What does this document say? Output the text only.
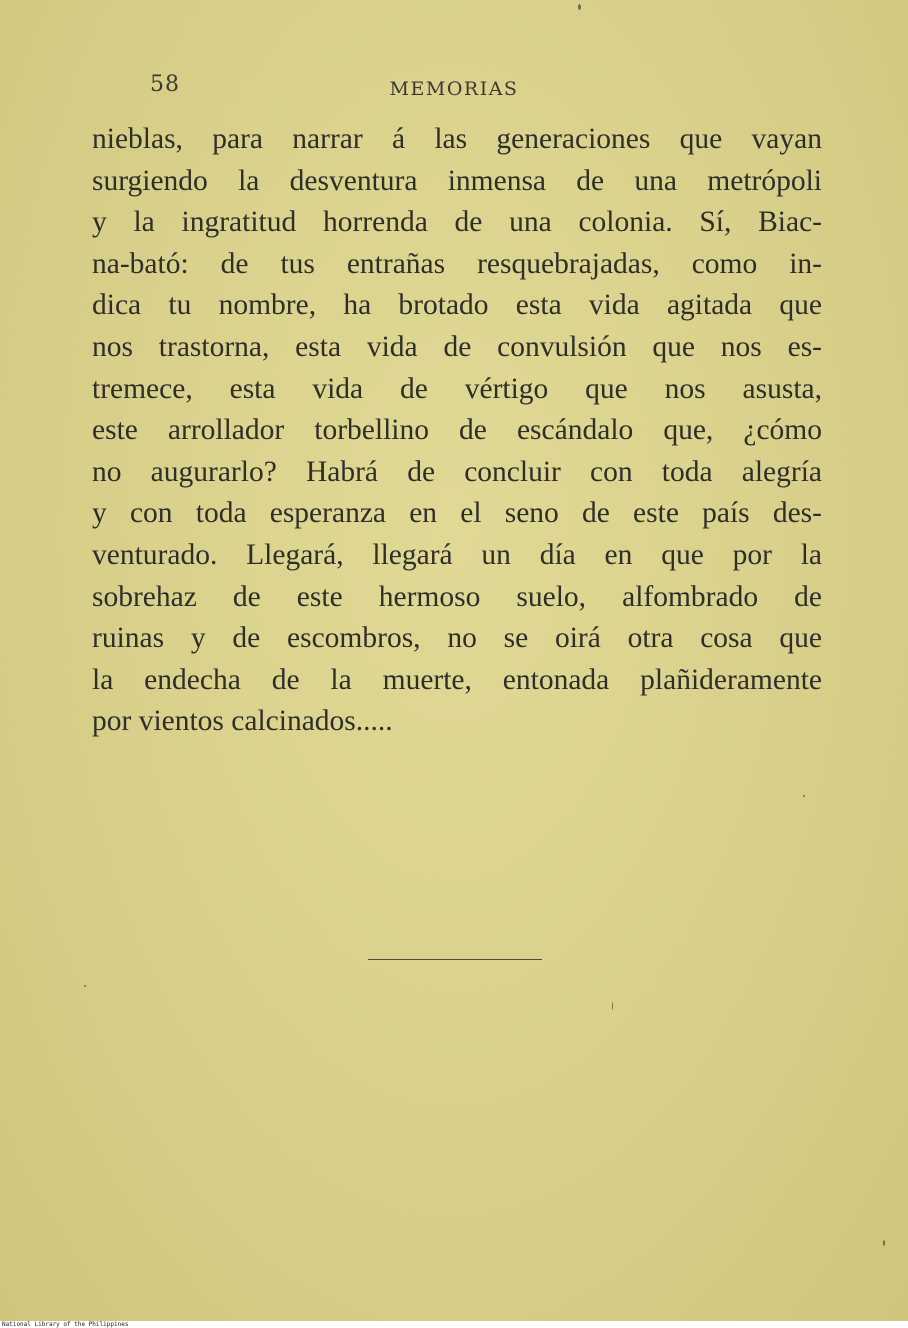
58	MEMORIAS
nieblas, para narrar á las generaciones que vayan
surgiendo la desventura inmensa de una metrópoli
y la ingratitud horrenda de una colonia. Sí, Biac-
na-bató: de tus entrañas resquebrajadas, como in-
dica tu nombre, ha brotado esta vida agitada que
nos trastorna, esta vida de convulsión que nos es-
tremece, esta vida de vértigo que nos asusta,
este arrollador torbellino de escándalo que, ¿cómo
no augurarlo? Habrá de concluir con toda alegría
y con toda esperanza en el seno de este país des-
venturado. Llegará, llegará un día en que por la
sobrehaz de este hermoso suelo, alfombrado de
ruinas y de escombros, no se oirá otra cosa que
la endecha de la muerte, entonada plañideramente
por vientos calcinados.....
National Library of the Philippines
